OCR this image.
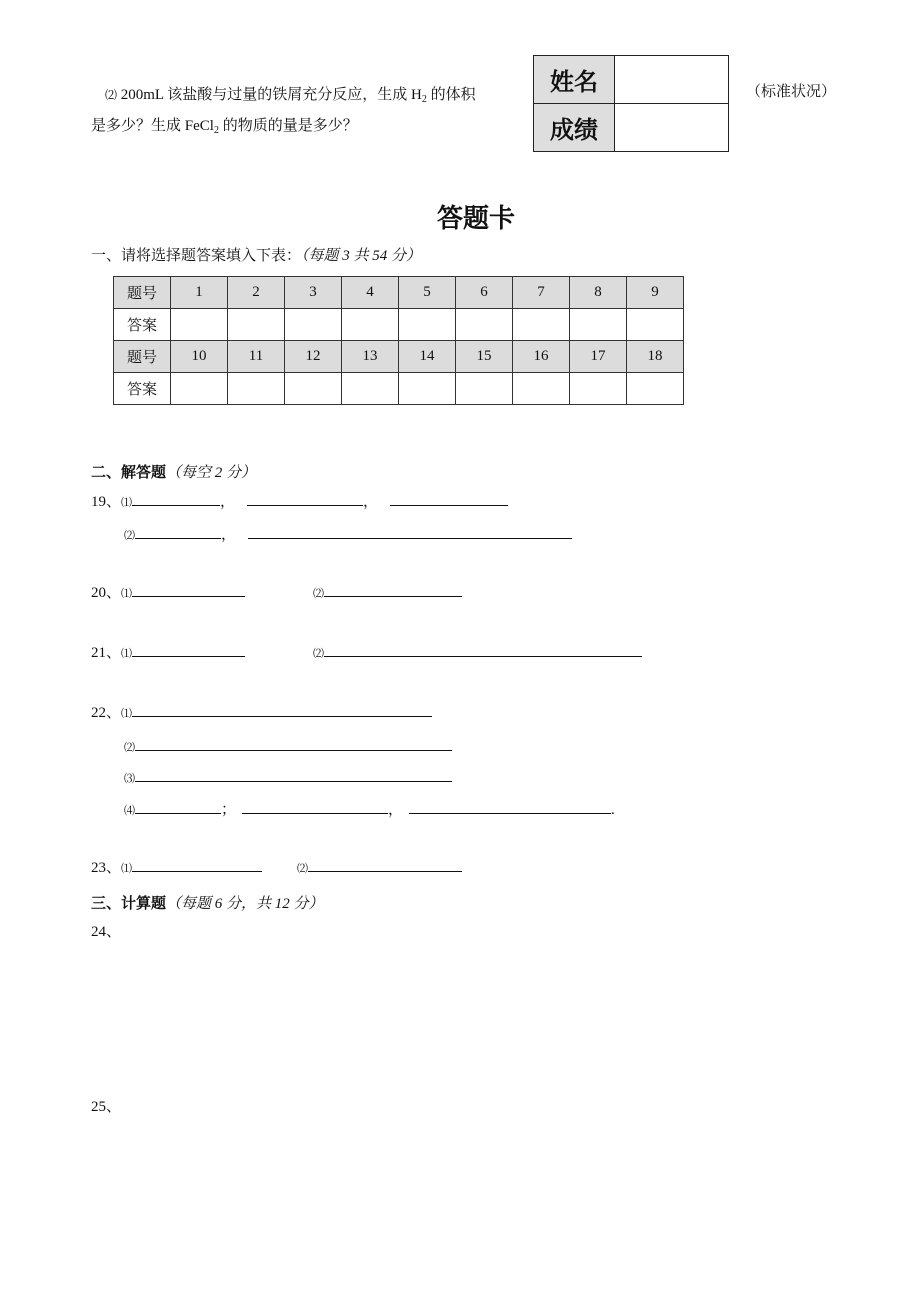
⑵ 200mL 该盐酸与过量的铁屑充分反应，生成 $H_2$ 的体积
是多少？生成 FeCl$_2$ 的物质的量是多少？
姓名	
成绩	
（标准状况）
答题卡
一、请将选择题答案填入下表：（每题 3 共 54 分）
题号	1	2	3	4	5	6	7	8	9
答案									
题号	10	11	12	13	14	15	16	17	18
答案									
二、解答题（每空 2 分）
19、⑴	，	，
⑵	，
20、⑴	⑵
21、⑴	⑵
22、⑴
⑵
⑶
⑷	；	，	.
23、⑴	⑵
三、计算题（每题 6 分，共 12 分）
24、
25、
